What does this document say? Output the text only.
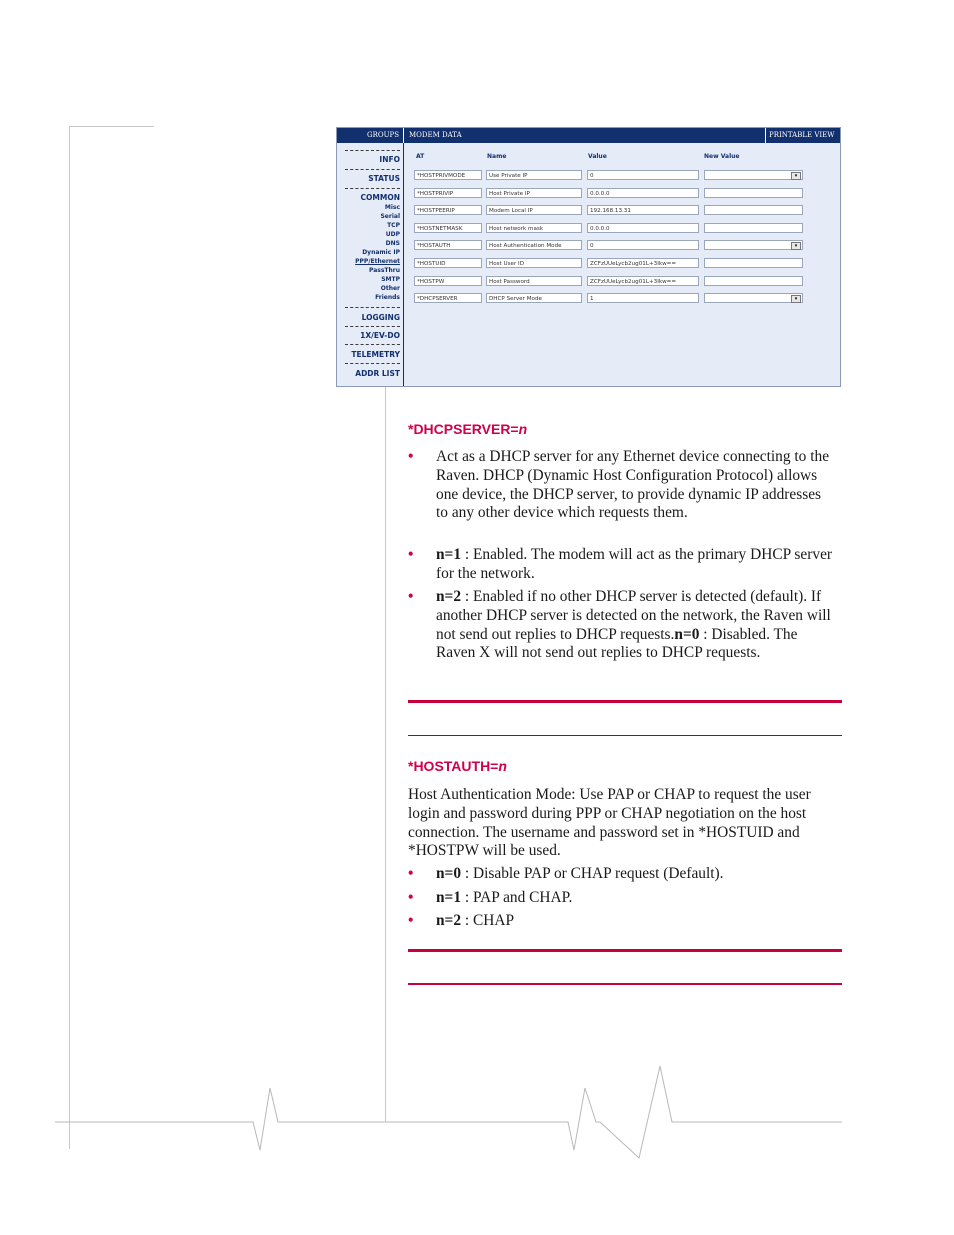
GROUPS MODEM DATA	PRINTABLE VIEW
INFO
STATUS
COMMON
Misc
Serial
TCP
UDP
DNS
Dynamic IP
PPP/Ethernet
PassThru
SMTP
Other
Friends
LOGGING
1X/EV-DO
TELEMETRY
ADDR LIST
AT	Name	Value	New Value
*HOSTPRIVMODE	Use Private IP	0	▾
*HOSTPRIVIP	Host Private IP	0.0.0.0
*HOSTPEERIP	Modem Local IP	192.168.13.31
*HOSTNETMASK	Host network mask	0.0.0.0
*HOSTAUTH	Host Authentication Mode	0	▾
*HOSTUID	Host User ID	ZCFzUUeLycb2ug01L+3Ikw==
*HOSTPW	Host Password	ZCFzUUeLycb2ug01L+3Ikw==
*DHCPSERVER	DHCP Server Mode	1	▾
*DHCPSERVER=n
• Act as a DHCP server for any Ethernet device connecting to the Raven. DHCP (Dynamic Host Configuration Protocol) allows one device, the DHCP server, to provide dynamic IP addresses to any other device which requests them.
• n=1 : Enabled. The modem will act as the primary DHCP server for the network.
• n=2 : Enabled if no other DHCP server is detected (default). If another DHCP server is detected on the network, the Raven will not send out replies to DHCP requests.n=0 : Disabled. The Raven X will not send out replies to DHCP requests.
*HOSTAUTH=n
Host Authentication Mode: Use PAP or CHAP to request the user login and password during PPP or CHAP negotiation on the host connection. The username and password set in *HOSTUID and *HOSTPW will be used.
• n=0 : Disable PAP or CHAP request (Default).
• n=1 : PAP and CHAP.
• n=2 : CHAP
